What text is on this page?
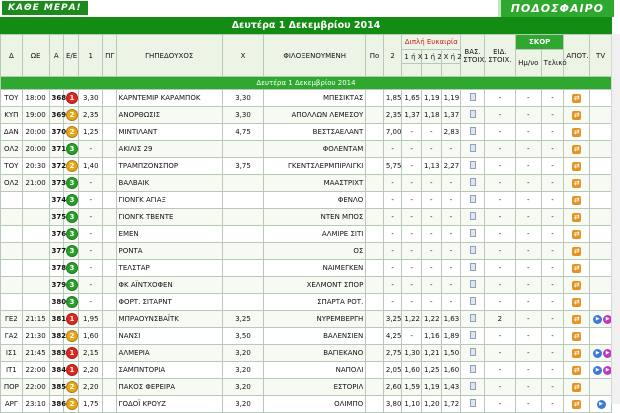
ΚΑΘΕ ΜΕΡΑ!	ΠΟΔΟΣΦΑΙΡΟ
Δευτέρα 1 Δεκεμβρίου 2014
Δ	ΩΕ	Α	Ε/Ε	1	ΠΓ	ΓΗΠΕΔΟΥΧΟΣ	Χ	ΦΙΛΟΞΕΝΟΥΜΕΝΗ	Πο	2	Διπλή Ευκαιρία			ΒΑΣ. ΣΤΟΙΧ.	ΕΙΔ. ΣΤΟΙΧ.	ΣΚΟΡ		ΑΠΟΤ.	TV
											1 ή Χ	1 ή 2	Χ ή 2			Ημ/νο	Τελικό		

Δευτέρα 1 Δεκεμβρίου 2014																			
ΤΟΥ	18:00	368	1	3,30		ΚΑΡΝΤΕΜΙΡ ΚΑΡΑΜΠΟΚ	3,30	ΜΠΕΣΙΚΤΑΣ		1,85	1,65	1,19	1,19		-	-	-	⇄	
ΚΥΠ	19:00	369	2	2,35		ΑΝΟΡΘΩΣΙΣ	3,30	ΑΠΟΛΛΩΝ ΛΕΜΕΣΟΥ		2,35	1,37	1,18	1,37		-	-	-	⇄	
ΔΑΝ	20:00	370	2	1,25		ΜΙΝΤΙΛΑΝΤ	4,75	ΒΕΣΤΣΑΕΛΑΝΤ		7,00	-	-	2,83		-	-	-	⇄	
ΟΛ2	20:00	371	3	-		ΑΚΙΛΙΣ 29		ΦΟΛΕΝΤΑΜ		-	-	-	-		-	-	-	⇄	
ΤΟΥ	20:30	372	2	1,40		ΤΡΑΜΠΖΟΝΣΠΟΡ	3,75	ΓΚΕΝΤΣΛΕΡΜΠΙΡΛΙΓΚΙ		5,75	-	1,13	2,27		-	-	-	⇄	
ΟΛ2	21:00	373	3	-		ΒΑΛΒΑΙΚ		ΜΑΑΣΤΡΙΧΤ		-	-	-	-		-	-	-	⇄	
		374	3	-		ΓΙΟΝΓΚ ΑΓΙΑΞ		ΦΕΝΛΟ		-	-	-	-		-	-	-	⇄	
		375	3	-		ΓΙΟΝΓΚ ΤΒΕΝΤΕ		ΝΤΕΝ ΜΠΟΣ		-	-	-	-		-	-	-	⇄	
		376	3	-		ΕΜΕΝ		ΑΛΜΙΡΕ ΣΙΤΙ		-	-	-	-		-	-	-	⇄	
		377	3	-		ΡΟΝΤΑ		ΟΣ		-	-	-	-		-	-	-	⇄	
		378	3	-		ΤΕΛΣΤΑΡ		ΝΑΙΜΕΓΚΕΝ		-	-	-	-		-	-	-	⇄	
		379	3	-		ΦΚ ΑΪΝΤΧΟΦΕΝ		ΧΕΛΜΟΝΤ ΣΠΟΡ		-	-	-	-		-	-	-	⇄	
		380	3	-		ΦΟΡΤ. ΣΙΤΑΡΝΤ		ΣΠΑΡΤΑ ΡΟΤ.		-	-	-	-		-	-	-	⇄	
ΓΕ2	21:15	381	1	1,95		ΜΠΡΑΟΥΝΣΒΑΪΤΚ	3,25	ΝΥΡΕΜΒΕΡΓΗ		3,25	1,22	1,22	1,63		2	-	-	⇄	▶ ▶
ΓΑ2	21:30	382	2	1,60		ΝΑΝΣΙ	3,50	ΒΑΛΕΝΣΙΕΝ		4,25	-	1,16	1,89		-	-	-	⇄	
ΙΣ1	21:45	383	1	2,15		ΑΛΜΕΡΙΑ	3,20	ΒΑΓΙΕΚΑΝΟ		2,75	1,30	1,21	1,50		-	-	-	⇄	▶ ▶
ΙΤ1	22:00	384	1	2,20		ΣΑΜΠΝΤΟΡΙΑ	3,20	ΝΑΠΟΛΙ		2,05	1,60	1,25	1,60		-	-	-	⇄	▶ ▶
ΠΟΡ	22:00	385	2	2,20		ΠΑΚΟΣ ΦΕΡΕΙΡΑ	3,20	ΕΣΤΟΡΙΛ		2,60	1,59	1,19	1,43		-	-	-	⇄	
ΑΡΓ	23:10	386	2	1,75		ΓΟΔΟΪ ΚΡΟΥΖ	3,20	ΟΛΙΜΠΟ		3,80	1,10	1,20	1,72		-	-	-	⇄	▶
